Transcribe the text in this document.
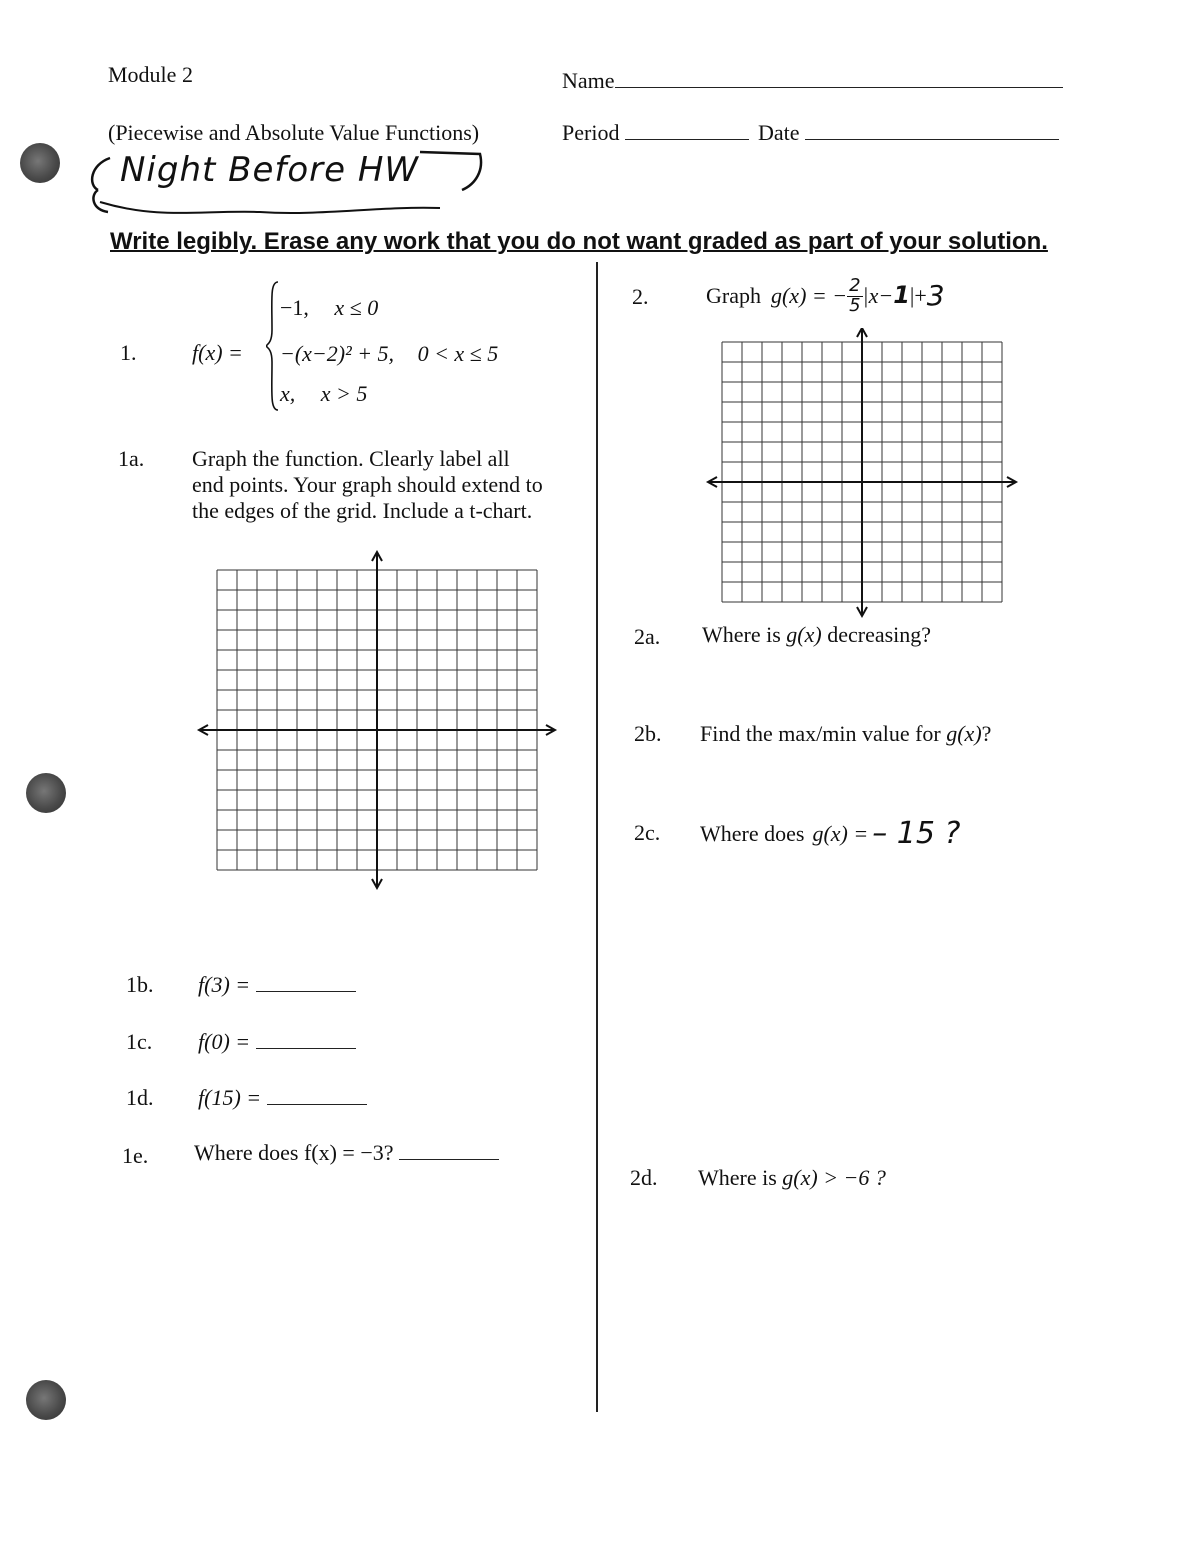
Module 2
(Piecewise and Absolute Value Functions)
Name
Period	Date
Night Before HW
Write legibly. Erase any work that you do not want graded as part of your solution.
1.	f(x) =
−1, x ≤ 0
−(x−2)² + 5, 0 < x ≤ 5
x, x > 5
1a. Graph the function. Clearly label all
end points. Your graph should extend to
the edges of the grid. Include a t-chart.
1b. f(3) =
1c. f(0) =
1d. f(15) =
1e. Where does f(x) = −3?
2.	Graph g(x) = − $\frac{2}{5} |x- 1$ |+ 3
2a. Where is g(x) decreasing?
2b. Find the max/min value for g(x)?
2c. Where does g(x) = – 15 ?
2d. Where is g(x) > −6 ?
